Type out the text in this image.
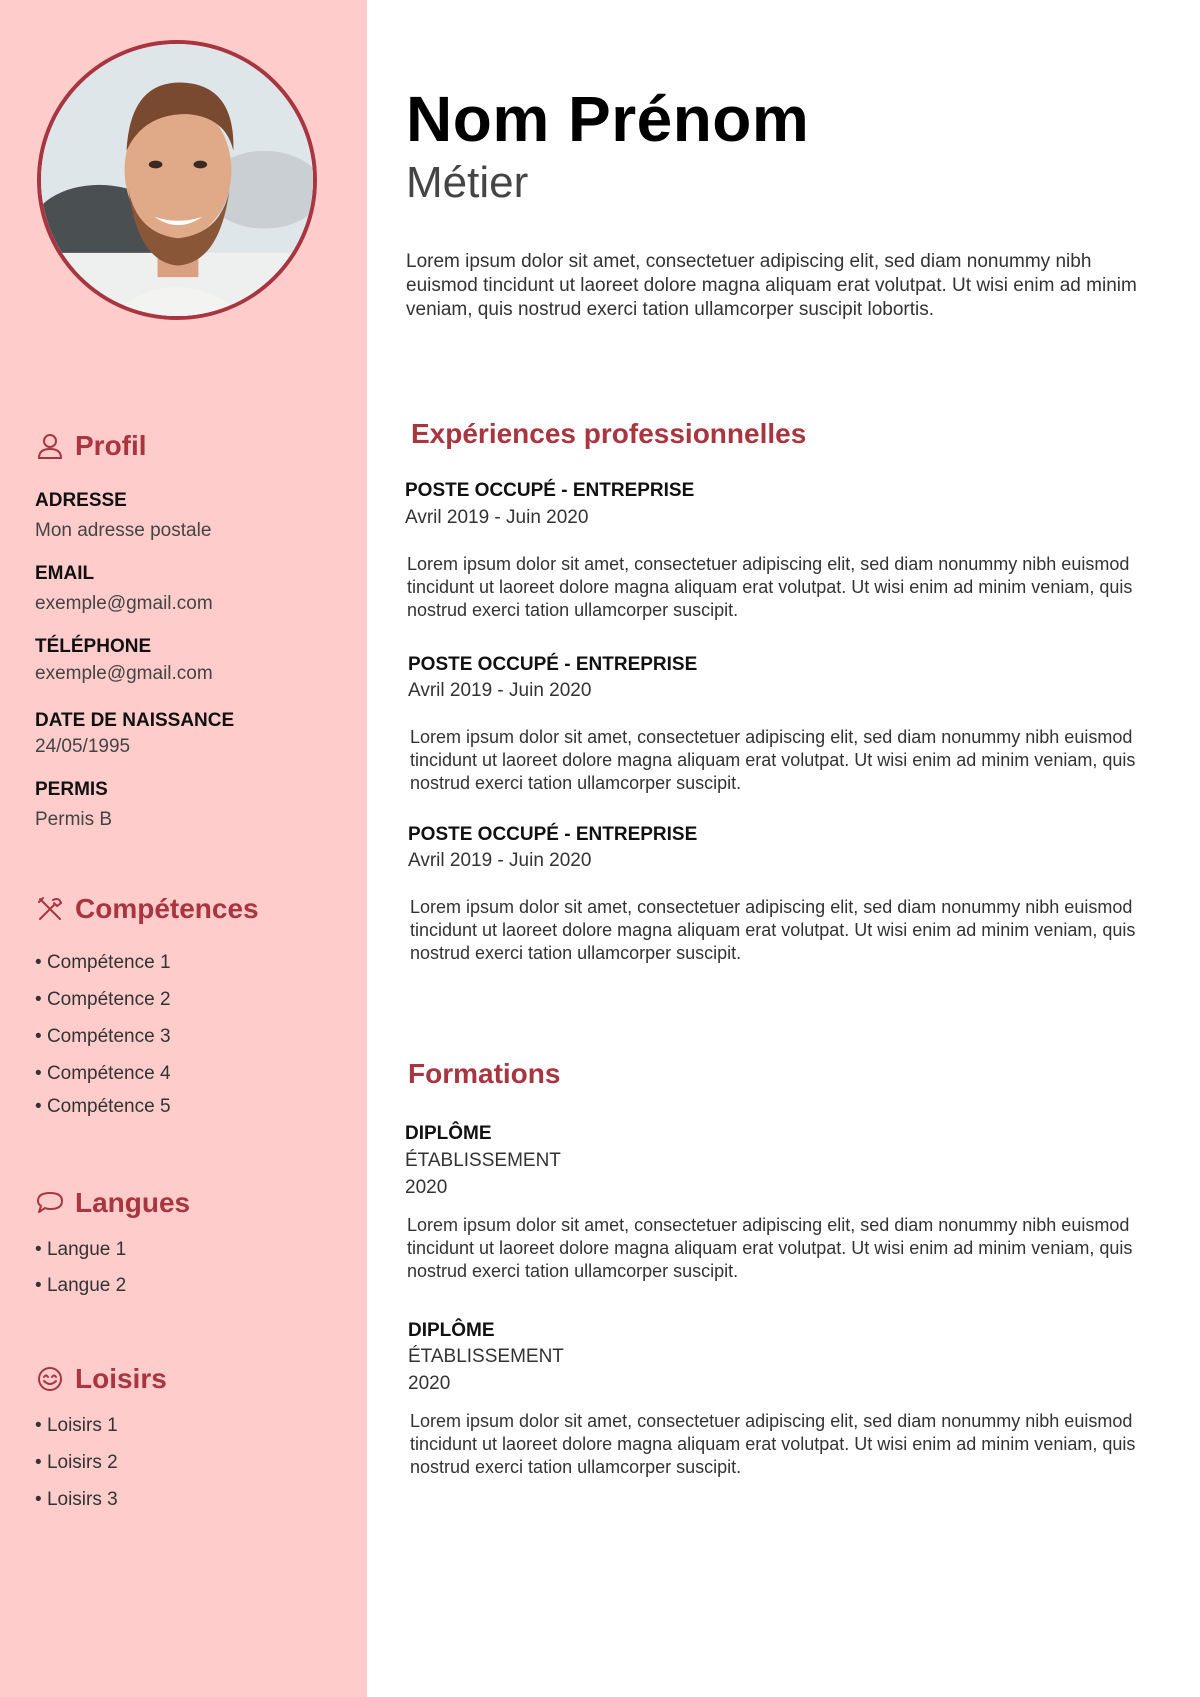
Profil
ADRESSE
Mon adresse postale
EMAIL
exemple@gmail.com
TÉLÉPHONE
exemple@gmail.com
DATE DE NAISSANCE
24/05/1995
PERMIS
Permis B
Compétences
• Compétence 1
• Compétence 2
• Compétence 3
• Compétence 4
• Compétence 5
Langues
• Langue 1
• Langue 2
Loisirs
• Loisirs 1
• Loisirs 2
• Loisirs 3
Nom Prénom
Métier
Lorem ipsum dolor sit amet, consectetuer adipiscing elit, sed diam nonummy nibh euismod tincidunt ut laoreet dolore magna aliquam erat volutpat. Ut wisi enim ad minim veniam, quis nostrud exerci tation ullamcorper suscipit lobortis.
Expériences professionnelles
POSTE OCCUPÉ - ENTREPRISE
Avril 2019 - Juin 2020
Lorem ipsum dolor sit amet, consectetuer adipiscing elit, sed diam nonummy nibh euismod tincidunt ut laoreet dolore magna aliquam erat volutpat. Ut wisi enim ad minim veniam, quis nostrud exerci tation ullamcorper suscipit.
POSTE OCCUPÉ - ENTREPRISE
Avril 2019 - Juin 2020
Lorem ipsum dolor sit amet, consectetuer adipiscing elit, sed diam nonummy nibh euismod tincidunt ut laoreet dolore magna aliquam erat volutpat. Ut wisi enim ad minim veniam, quis nostrud exerci tation ullamcorper suscipit.
POSTE OCCUPÉ - ENTREPRISE
Avril 2019 - Juin 2020
Lorem ipsum dolor sit amet, consectetuer adipiscing elit, sed diam nonummy nibh euismod tincidunt ut laoreet dolore magna aliquam erat volutpat. Ut wisi enim ad minim veniam, quis nostrud exerci tation ullamcorper suscipit.
Formations
DIPLÔME
ÉTABLISSEMENT
2020
Lorem ipsum dolor sit amet, consectetuer adipiscing elit, sed diam nonummy nibh euismod tincidunt ut laoreet dolore magna aliquam erat volutpat. Ut wisi enim ad minim veniam, quis nostrud exerci tation ullamcorper suscipit.
DIPLÔME
ÉTABLISSEMENT
2020
Lorem ipsum dolor sit amet, consectetuer adipiscing elit, sed diam nonummy nibh euismod tincidunt ut laoreet dolore magna aliquam erat volutpat. Ut wisi enim ad minim veniam, quis nostrud exerci tation ullamcorper suscipit.
